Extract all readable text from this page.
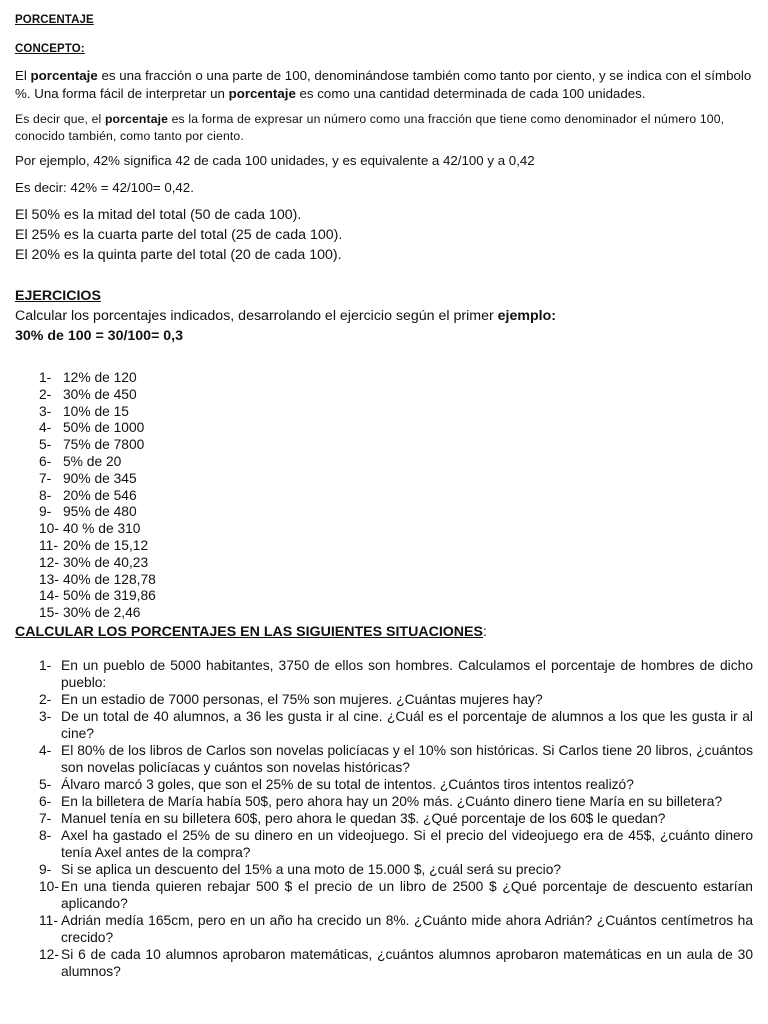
PORCENTAJE
CONCEPTO:
El porcentaje es una fracción o una parte de 100, denominándose también como tanto por ciento, y se indica con el símbolo %. Una forma fácil de interpretar un porcentaje es como una cantidad determinada de cada 100 unidades.
Es decir que, el porcentaje es la forma de expresar un número como una fracción que tiene como denominador el número 100, conocido también, como tanto por ciento.
Por ejemplo, 42% significa 42 de cada 100 unidades, y es equivalente a 42/100 y a 0,42
Es decir: 42% = 42/100= 0,42.
El 50% es la mitad del total (50 de cada 100).
El 25% es la cuarta parte del total (25 de cada 100).
El 20% es la quinta parte del total (20 de cada 100).
EJERCICIOS
Calcular los porcentajes indicados, desarrolando el ejercicio según el primer ejemplo:
30% de 100 = 30/100= 0,3
1- 12% de 120
2- 30% de 450
3- 10% de 15
4- 50% de 1000
5- 75% de 7800
6- 5% de 20
7- 90% de 345
8- 20% de 546
9- 95% de 480
10- 40 % de 310
11- 20% de 15,12
12- 30% de 40,23
13- 40% de 128,78
14- 50% de 319,86
15- 30% de 2,46
CALCULAR LOS PORCENTAJES EN LAS SIGUIENTES SITUACIONES:
1- En un pueblo de 5000 habitantes, 3750 de ellos son hombres. Calculamos el porcentaje de hombres de dicho pueblo:
2- En un estadio de 7000 personas, el 75% son mujeres. ¿Cuántas mujeres hay?
3- De un total de 40 alumnos, a 36 les gusta ir al cine. ¿Cuál es el porcentaje de alumnos a los que les gusta ir al cine?
4- El 80% de los libros de Carlos son novelas policíacas y el 10% son históricas. Si Carlos tiene 20 libros, ¿cuántos son novelas policíacas y cuántos son novelas históricas?
5- Álvaro marcó 3 goles, que son el 25% de su total de intentos. ¿Cuántos tiros intentos realizó?
6- En la billetera de María había 50$, pero ahora hay un 20% más. ¿Cuánto dinero tiene María en su billetera?
7- Manuel tenía en su billetera 60$, pero ahora le quedan 3$. ¿Qué porcentaje de los 60$ le quedan?
8- Axel ha gastado el 25% de su dinero en un videojuego. Si el precio del videojuego era de 45$, ¿cuánto dinero tenía Axel antes de la compra?
9- Si se aplica un descuento del 15% a una moto de 15.000 $, ¿cuál será su precio?
10- En una tienda quieren rebajar 500 $ el precio de un libro de 2500 $ ¿Qué porcentaje de descuento estarían aplicando?
11- Adrián medía 165cm, pero en un año ha crecido un 8%. ¿Cuánto mide ahora Adrián? ¿Cuántos centímetros ha crecido?
12- Si 6 de cada 10 alumnos aprobaron matemáticas, ¿cuántos alumnos aprobaron matemáticas en un aula de 30 alumnos?
